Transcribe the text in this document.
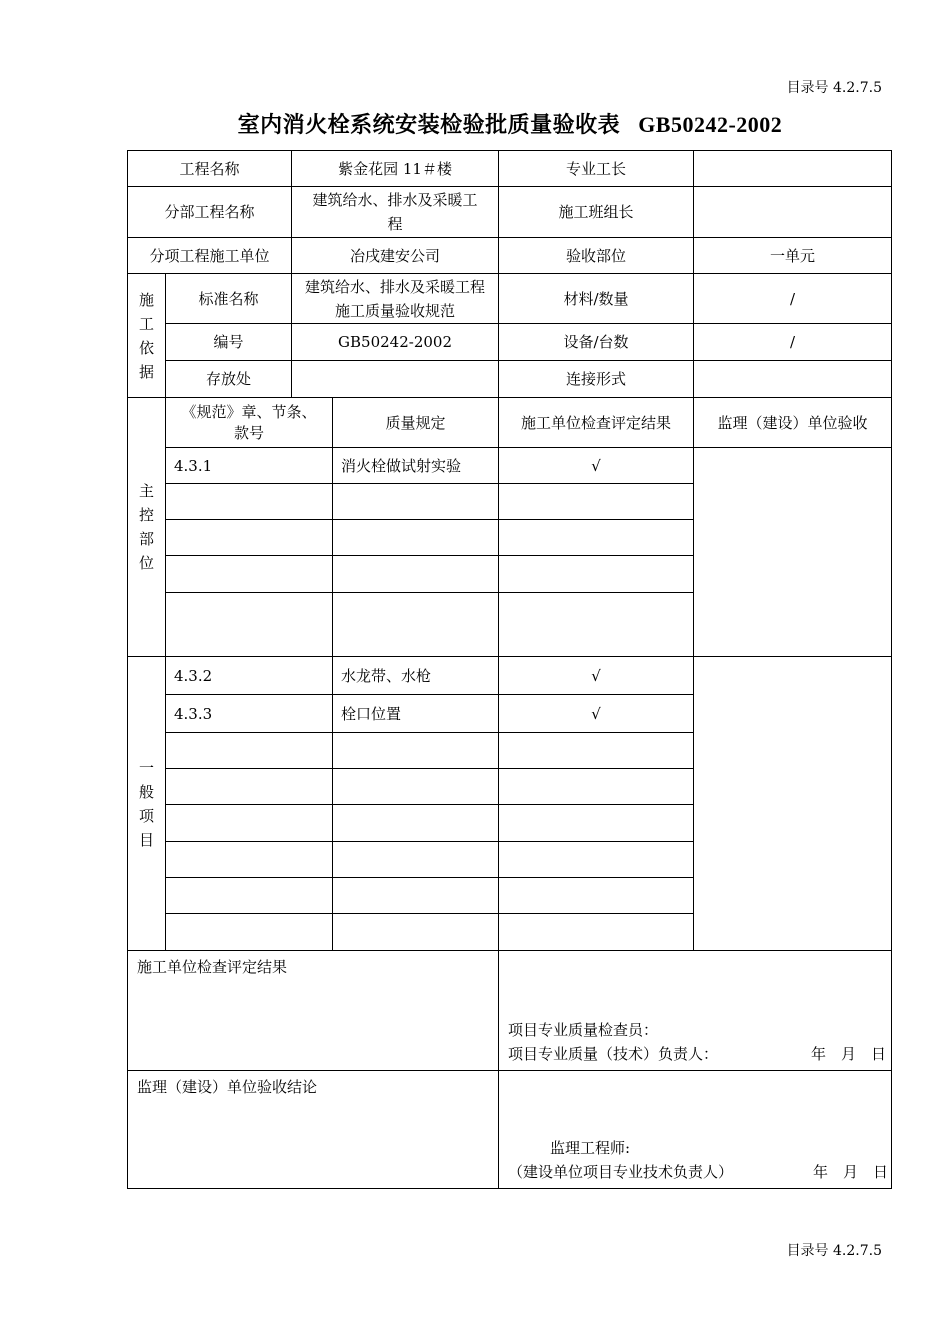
目录号 4.2.7.5
室内消火栓系统安装检验批质量验收表 GB50242-2002
工程名称		紫金花园 11＃楼		专业工长	
分部工程名称		建筑给水、排水及采暖工程		施工班组长	
分项工程施工单位		冶戌建安公司		验收部位	一单元
施工依据	标准名称	建筑给水、排水及采暖工程施工质量验收规范		材料/数量	/
	编号	GB50242-2002		设备/台数	/
	存放处			连接形式	
主控部位	《规范》章、节条、款号		质量规定	施工单位检查评定结果	监理（建设）单位验收
	4.3.1		消火栓做试射实验	√	

一般项目	4.3.2		水龙带、水枪	√	
	4.3.3		栓口位置	√	

施工单位检查评定结果				项目专业质量检查员：
项目专业质量（技术）负责人： 年　月　日	

监理（建设）单位验收结论				监理工程师:
（建设单位项目专业技术负责人） 年　月　日	
目录号 4.2.7.5
